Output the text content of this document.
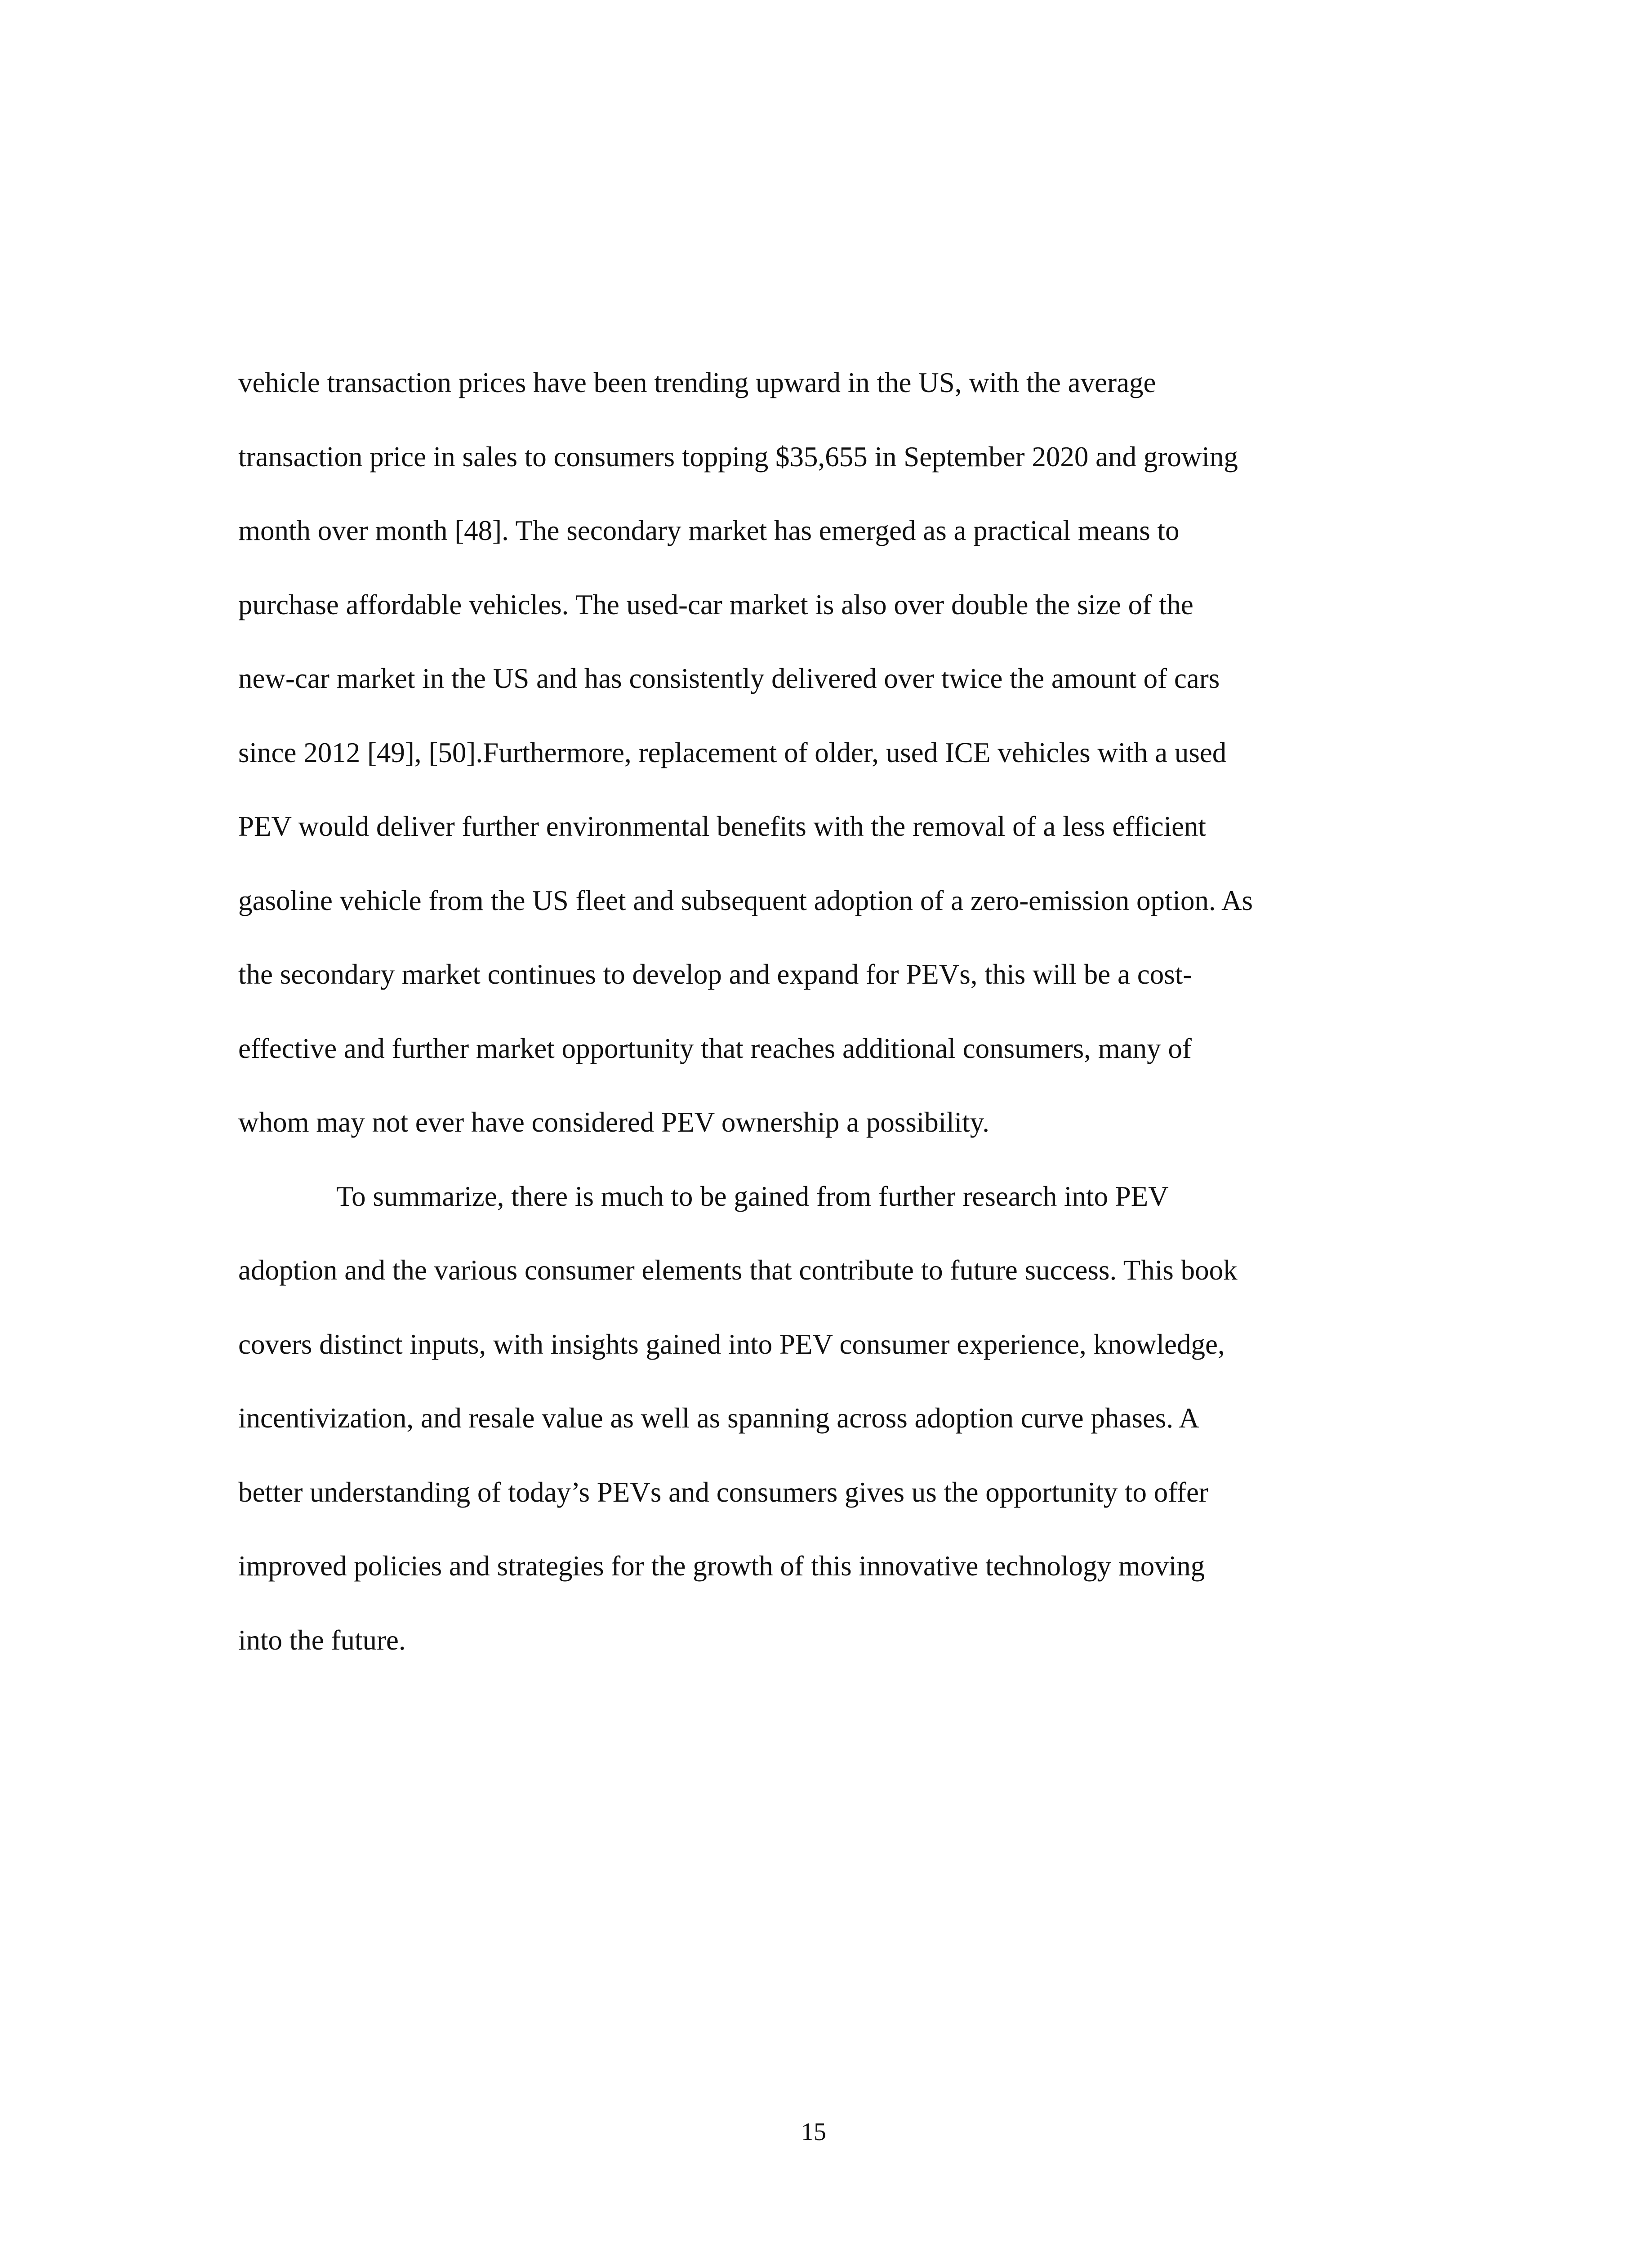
vehicle transaction prices have been trending upward in the US, with the average
transaction price in sales to consumers topping $35,655 in September 2020 and growing
month over month [48]. The secondary market has emerged as a practical means to
purchase affordable vehicles. The used-car market is also over double the size of the
new-car market in the US and has consistently delivered over twice the amount of cars
since 2012 [49], [50].Furthermore, replacement of older, used ICE vehicles with a used
PEV would deliver further environmental benefits with the removal of a less efficient
gasoline vehicle from the US fleet and subsequent adoption of a zero-emission option. As
the secondary market continues to develop and expand for PEVs, this will be a cost-
effective and further market opportunity that reaches additional consumers, many of
whom may not ever have considered PEV ownership a possibility.
To summarize, there is much to be gained from further research into PEV
adoption and the various consumer elements that contribute to future success. This book
covers distinct inputs, with insights gained into PEV consumer experience, knowledge,
incentivization, and resale value as well as spanning across adoption curve phases. A
better understanding of today’s PEVs and consumers gives us the opportunity to offer
improved policies and strategies for the growth of this innovative technology moving
into the future.
15
